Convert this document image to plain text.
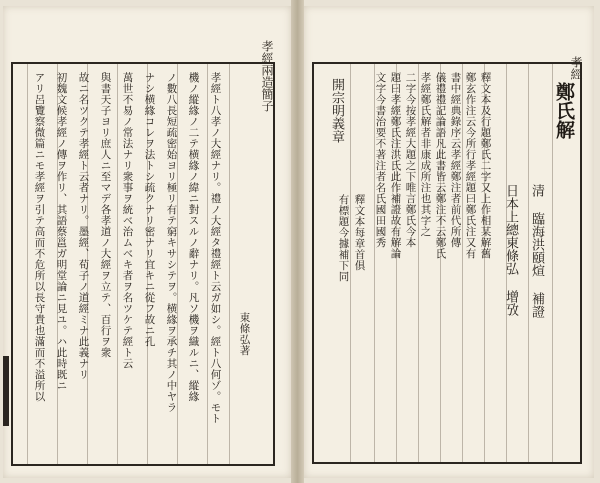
孝經兩造簡子
東條弘著
孝經ト八孝ノ大經ナリ。禮ノ大經タ禮經ト云ガ如シ。經ト八何ゾ。モト
機ノ縱緣ノ二テ横緣ノ緯ニ對スルノ辭ナリ。凡ソ機ヲ織ルニ、縱緣
ノ數八長短疏密始ヨリ極リ有テ窮キサシテヲ。横緣ヲ承チ其ノ中ヤラ
ナシ横緣コレヲ法トシ疏クナリ密ナリ宜キニ從フ故ニ孔
萬世不易ノ常法ナリ衆事ヲ統ベ治ムベキ者ヲ名ツケテ經ト云
與書天子ヨリ庶人ニ至マデ各孝道ノ大經ヲ立テ、百行ヲ衆
故ニ名ツクテ孝經ト云者ナリ。墨經、荀子ノ道經ミナ此義ナリ
初魏文候孝經ノ傳ヲ作リ、其語蔡邕ガ明堂論ニ見ユ。ハ此時既ニ
アリ呂覽察微篇ニモ孝經ヲ引テ高而不危所以長守貴也滿而不溢所以
孝經
鄭氏解
清 臨海洪頤煊 補證
日本上總東條弘 增攷
釋文本及行題鄭氏二字又上作相某解舊
鄭玄作注云今所行孝經題曰鄭氏注又有
書中經典錄序云孝經鄭注者前代所傳
儀禮禮記論語凡此書皆云鄭注不云鄭氏
孝經鄭氏解者非康成所注也其字之
二字今按孝經大題之下唯言鄭氏今本
題曰孝經鄭氏注洪氏此作補證故有解論
文字今書治要不著注者名氏國田國秀
開宗明義章
釋文本每章首俱
有標題今據補下同
